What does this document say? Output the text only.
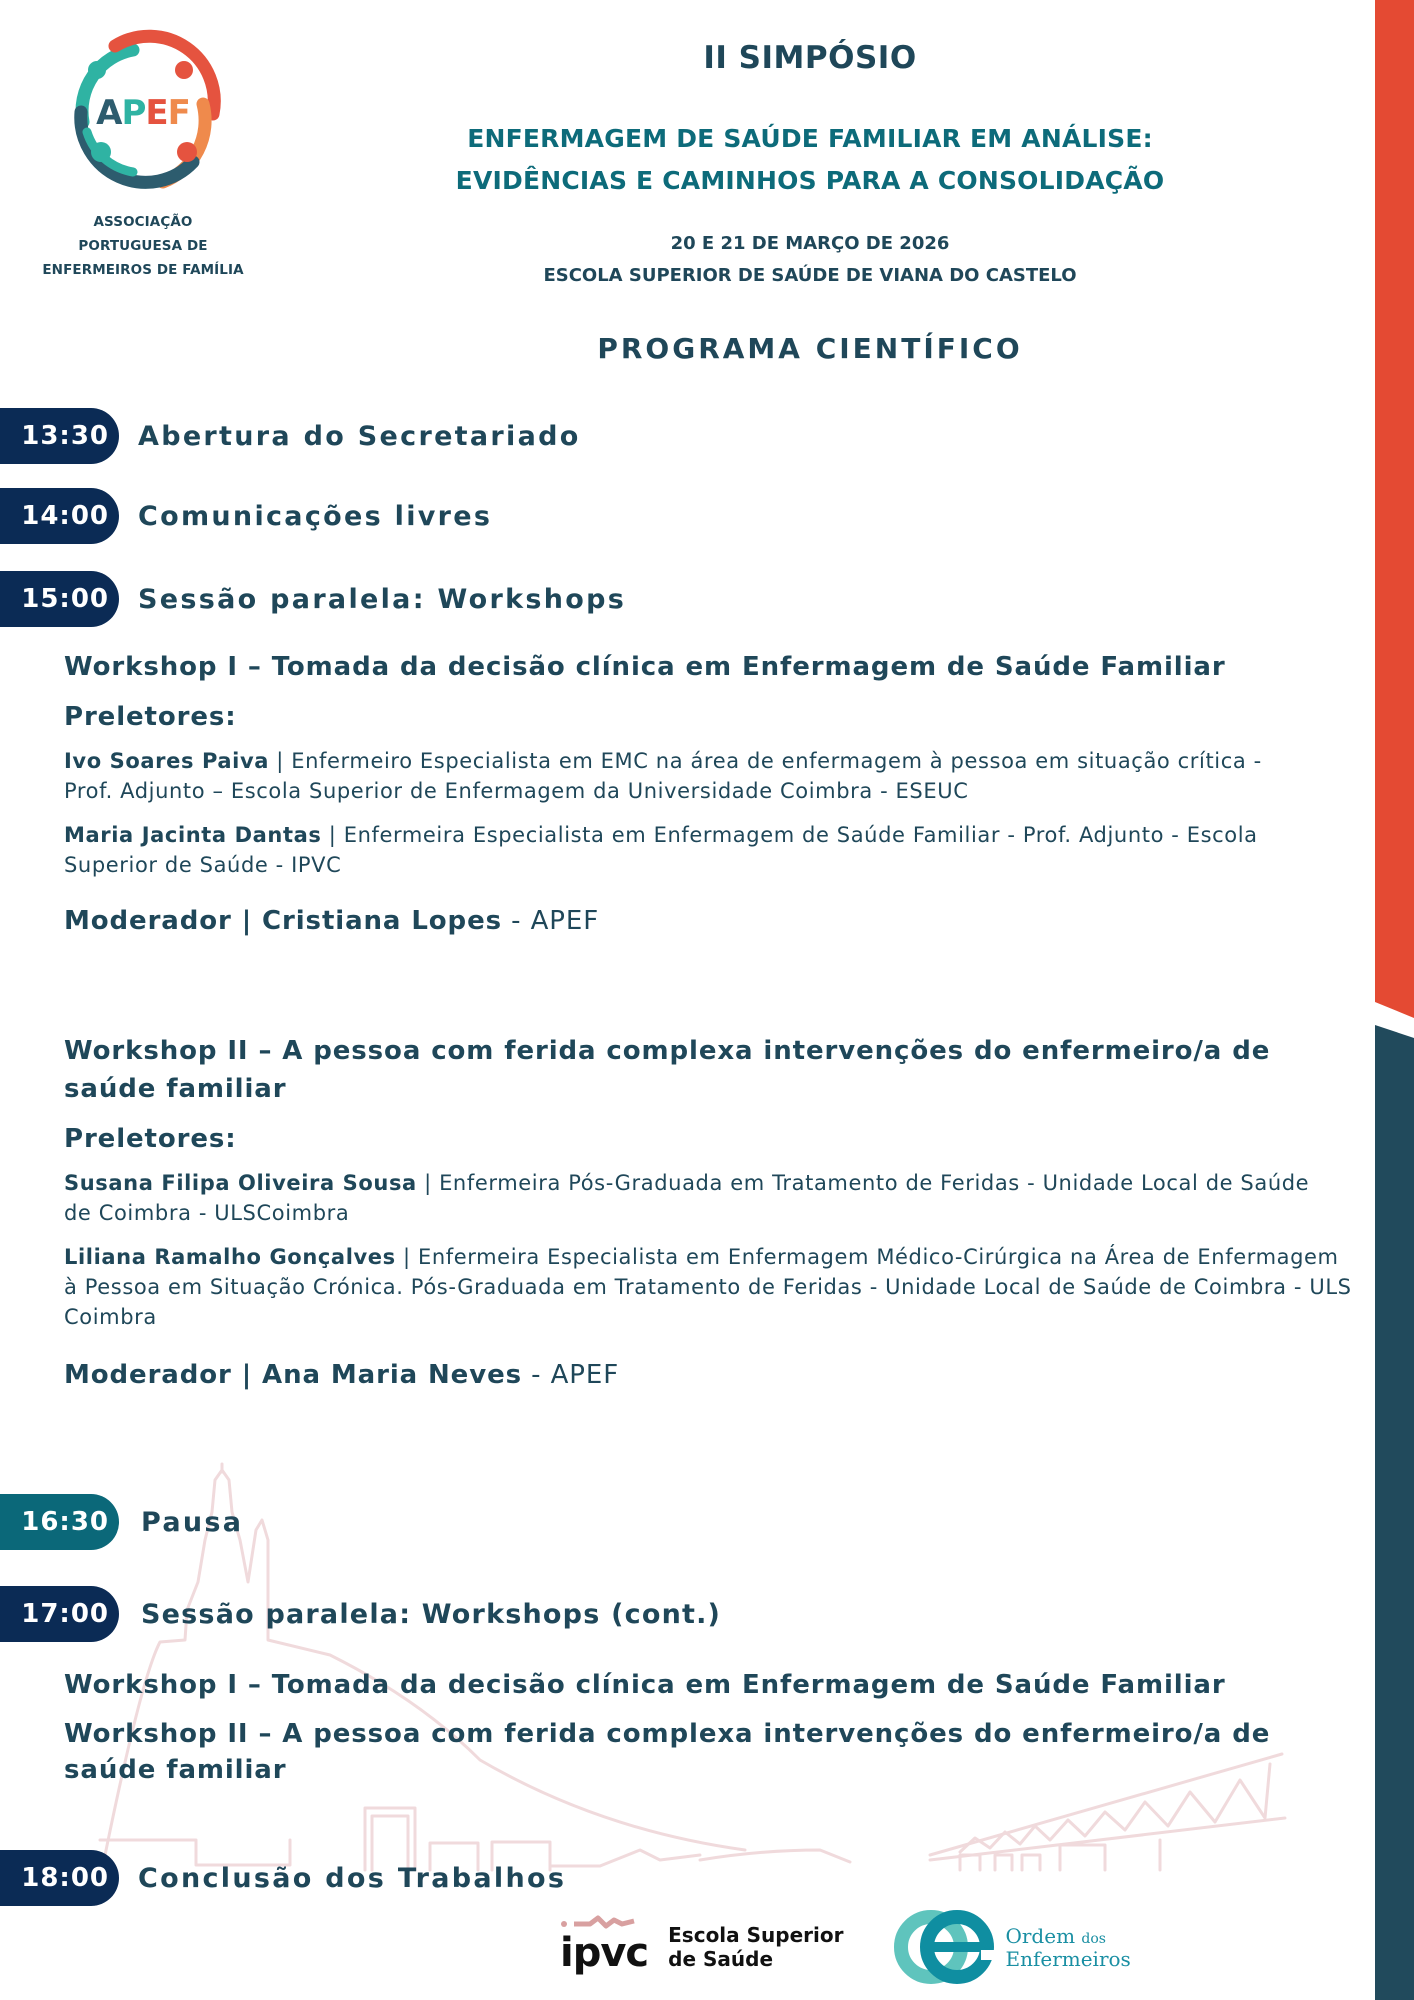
APEF
ASSOCIAÇÃO
PORTUGUESA DE
ENFERMEIROS DE FAMÍLIA
II SIMPÓSIO
ENFERMAGEM DE SAÚDE FAMILIAR EM ANÁLISE:
EVIDÊNCIAS E CAMINHOS PARA A CONSOLIDAÇÃO
20 E 21 DE MARÇO DE 2026
ESCOLA SUPERIOR DE SAÚDE DE VIANA DO CASTELO
PROGRAMA CIENTÍFICO
13:30	Abertura do Secretariado
14:00	Comunicações livres
15:00	Sessão paralela: Workshops
Workshop I – Tomada da decisão clínica em Enfermagem de Saúde Familiar
Preletores:
Ivo Soares Paiva | Enfermeiro Especialista em EMC na área de enfermagem à pessoa em situação crítica - Prof. Adjunto – Escola Superior de Enfermagem da Universidade Coimbra - ESEUC
Maria Jacinta Dantas | Enfermeira Especialista em Enfermagem de Saúde Familiar - Prof. Adjunto - Escola Superior de Saúde - IPVC
Moderador | Cristiana Lopes - APEF
Workshop II – A pessoa com ferida complexa intervenções do enfermeiro/a de saúde familiar
Preletores:
Susana Filipa Oliveira Sousa | Enfermeira Pós-Graduada em Tratamento de Feridas - Unidade Local de Saúde de Coimbra - ULSCoimbra
Liliana Ramalho Gonçalves | Enfermeira Especialista em Enfermagem Médico-Cirúrgica na Área de Enfermagem à Pessoa em Situação Crónica. Pós-Graduada em Tratamento de Feridas - Unidade Local de Saúde de Coimbra - ULS Coimbra
Moderador | Ana Maria Neves - APEF
16:30	Pausa
17:00	Sessão paralela: Workshops (cont.)
Workshop I – Tomada da decisão clínica em Enfermagem de Saúde Familiar
Workshop II – A pessoa com ferida complexa intervenções do enfermeiro/a de saúde familiar
18:00	Conclusão dos Trabalhos
ipvc Escola Superior
de Saúde
Ordem dos
Enfermeiros
